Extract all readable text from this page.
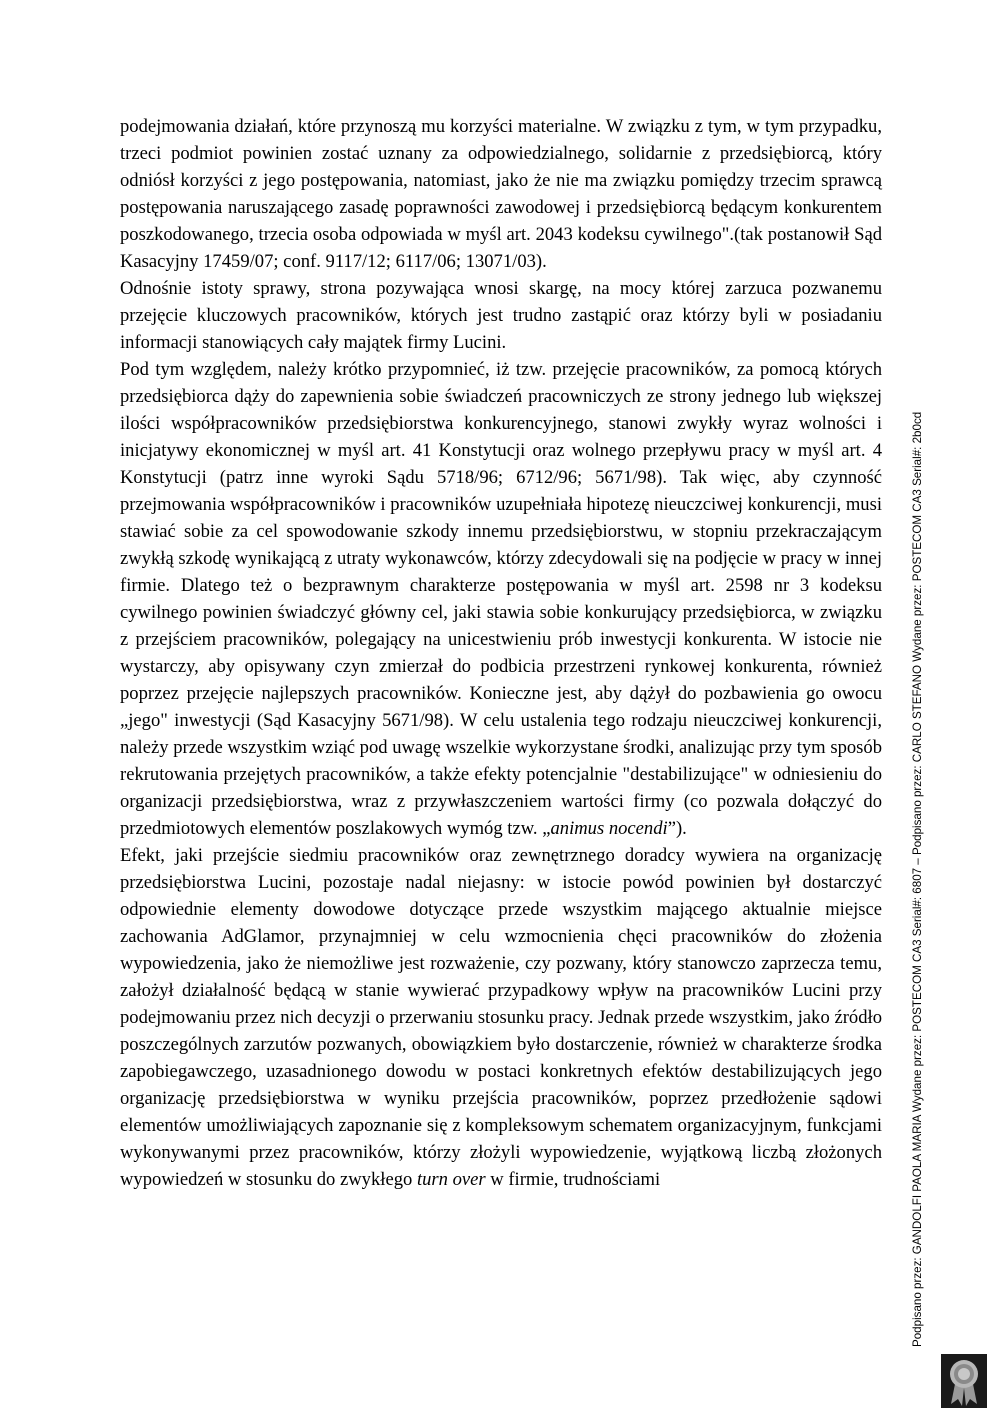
podejmowania działań, które przynoszą mu korzyści materialne. W związku z tym, w tym przypadku, trzeci podmiot powinien zostać uznany za odpowiedzialnego, solidarnie z przedsiębiorcą, który odniósł korzyści z jego postępowania, natomiast, jako że nie ma związku pomiędzy trzecim sprawcą postępowania naruszającego zasadę poprawności zawodowej i przedsiębiorcą będącym konkurentem poszkodowanego, trzecia osoba odpowiada w myśl art. 2043 kodeksu cywilnego".(tak postanowił Sąd Kasacyjny 17459/07; conf. 9117/12; 6117/06; 13071/03).

Odnośnie istoty sprawy, strona pozywająca wnosi skargę, na mocy której zarzuca pozwanemu przejęcie kluczowych pracowników, których jest trudno zastąpić oraz którzy byli w posiadaniu informacji stanowiących cały majątek firmy Lucini.

Pod tym względem, należy krótko przypomnieć, iż tzw. przejęcie pracowników, za pomocą których przedsiębiorca dąży do zapewnienia sobie świadczeń pracowniczych ze strony jednego lub większej ilości współpracowników przedsiębiorstwa konkurencyjnego, stanowi zwykły wyraz wolności i inicjatywy ekonomicznej w myśl art. 41 Konstytucji oraz wolnego przepływu pracy w myśl art. 4 Konstytucji (patrz inne wyroki Sądu 5718/96; 6712/96; 5671/98). Tak więc, aby czynność przejmowania współpracowników i pracowników uzupełniała hipotezę nieuczciwej konkurencji, musi stawiać sobie za cel spowodowanie szkody innemu przedsiębiorstwu, w stopniu przekraczającym zwykłą szkodę wynikającą z utraty wykonawców, którzy zdecydowali się na podjęcie w pracy w innej firmie. Dlatego też o bezprawnym charakterze postępowania w myśl art. 2598 nr 3 kodeksu cywilnego powinien świadczyć główny cel, jaki stawia sobie konkurujący przedsiębiorca, w związku z przejściem pracowników, polegający na unicestwieniu prób inwestycji konkurenta. W istocie nie wystarczy, aby opisywany czyn zmierzał do podbicia przestrzeni rynkowej konkurenta, również poprzez przejęcie najlepszych pracowników. Konieczne jest, aby dążył do pozbawienia go owocu „jego" inwestycji (Sąd Kasacyjny 5671/98). W celu ustalenia tego rodzaju nieuczciwej konkurencji, należy przede wszystkim wziąć pod uwagę wszelkie wykorzystane środki, analizując przy tym sposób rekrutowania przejętych pracowników, a także efekty potencjalnie "destabilizujące" w odniesieniu do organizacji przedsiębiorstwa, wraz z przywłaszczeniem wartości firmy (co pozwala dołączyć do przedmiotowych elementów poszlakowych wymóg tzw. „animus nocendi”).

Efekt, jaki przejście siedmiu pracowników oraz zewnętrznego doradcy wywiera na organizację przedsiębiorstwa Lucini, pozostaje nadal niejasny: w istocie powód powinien był dostarczyć odpowiednie elementy dowodowe dotyczące przede wszystkim mającego aktualnie miejsce zachowania AdGlamor, przynajmniej w celu wzmocnienia chęci pracowników do złożenia wypowiedzenia, jako że niemożliwe jest rozważenie, czy pozwany, który stanowczo zaprzecza temu, założył działalność będącą w stanie wywierać przypadkowy wpływ na pracowników Lucini przy podejmowaniu przez nich decyzji o przerwaniu stosunku pracy. Jednak przede wszystkim, jako źródło poszczególnych zarzutów pozwanych, obowiązkiem było dostarczenie, również w charakterze środka zapobiegawczego, uzasadnionego dowodu w postaci konkretnych efektów destabilizujących jego organizację przedsiębiorstwa w wyniku przejścia pracowników, poprzez przedłożenie sądowi elementów umożliwiających zapoznanie się z kompleksowym schematem organizacyjnym, funkcjami wykonywanymi przez pracowników, którzy złożyli wypowiedzenie, wyjątkową liczbą złożonych wypowiedzeń w stosunku do zwykłego turn over w firmie, trudnościami	Podpisano przez: GANDOLFI PAOLA MARIA Wydane przez: POSTECOM CA3 Serial#: 6807 – Podpisano przez: CARLO STEFANO Wydane przez: POSTECOM CA3 Serial#: 2b0cd
